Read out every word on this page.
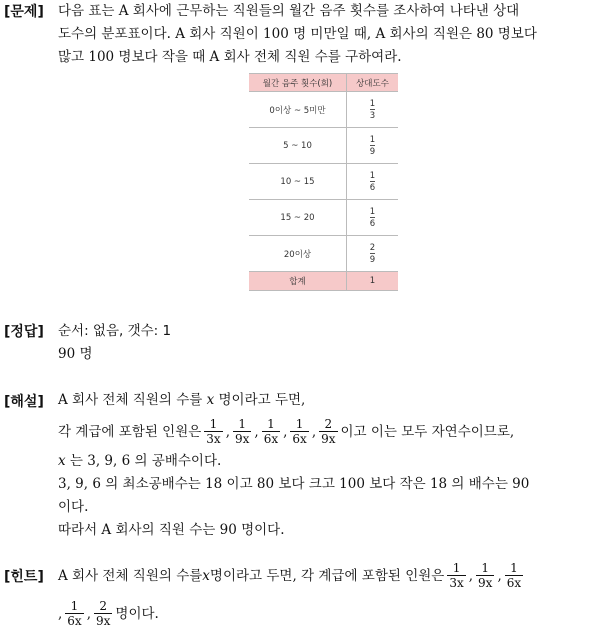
[문제] 다음 표는 A 회사에 근무하는 직원들의 월간 음주 횟수를 조사하여 나타낸 상대
도수의 분포표이다. A 회사 직원이 100 명 미만일 때, A 회사의 직원은 80 명보다
많고 100 명보다 작을 때 A 회사 전체 직원 수를 구하여라.
월간 음주 횟수(회)	상대도수
0이상 ~ 5미만	$\frac{1}{3}$

5 ~ 10	$\frac{1}{9}$

10 ~ 15	$\frac{1}{6}$

15 ~ 20	$\frac{1}{6}$

20이상	$\frac{2}{9}$

합계	1
[정답] 순서: 없음, 갯수: 1
90 명
[해설] A 회사 전체 직원의 수를 x 명이라고 두면,
각 계급에 포함된 인원은 $\frac{1}{3x}$ , $\frac{1}{9x}$ , $\frac{1}{6x}$ , $\frac{1}{6x}$ , $\frac{2}{9x}$ 이고 이는 모두 자연수이므로,
x 는 3, 9, 6 의 공배수이다.
3, 9, 6 의 최소공배수는 18 이고 80 보다 크고 100 보다 작은 18 의 배수는 90
이다.
따라서 A 회사의 직원 수는 90 명이다.
[힌트] A 회사 전체 직원의 수를 x 명이라고 두면, 각 계급에 포함된 인원은 $\frac{1}{3x}$ , $\frac{1}{9x}$ , $\frac{1}{6x}$
, $\frac{1}{6x}$ , $\frac{2}{9x}$ 명이다.
